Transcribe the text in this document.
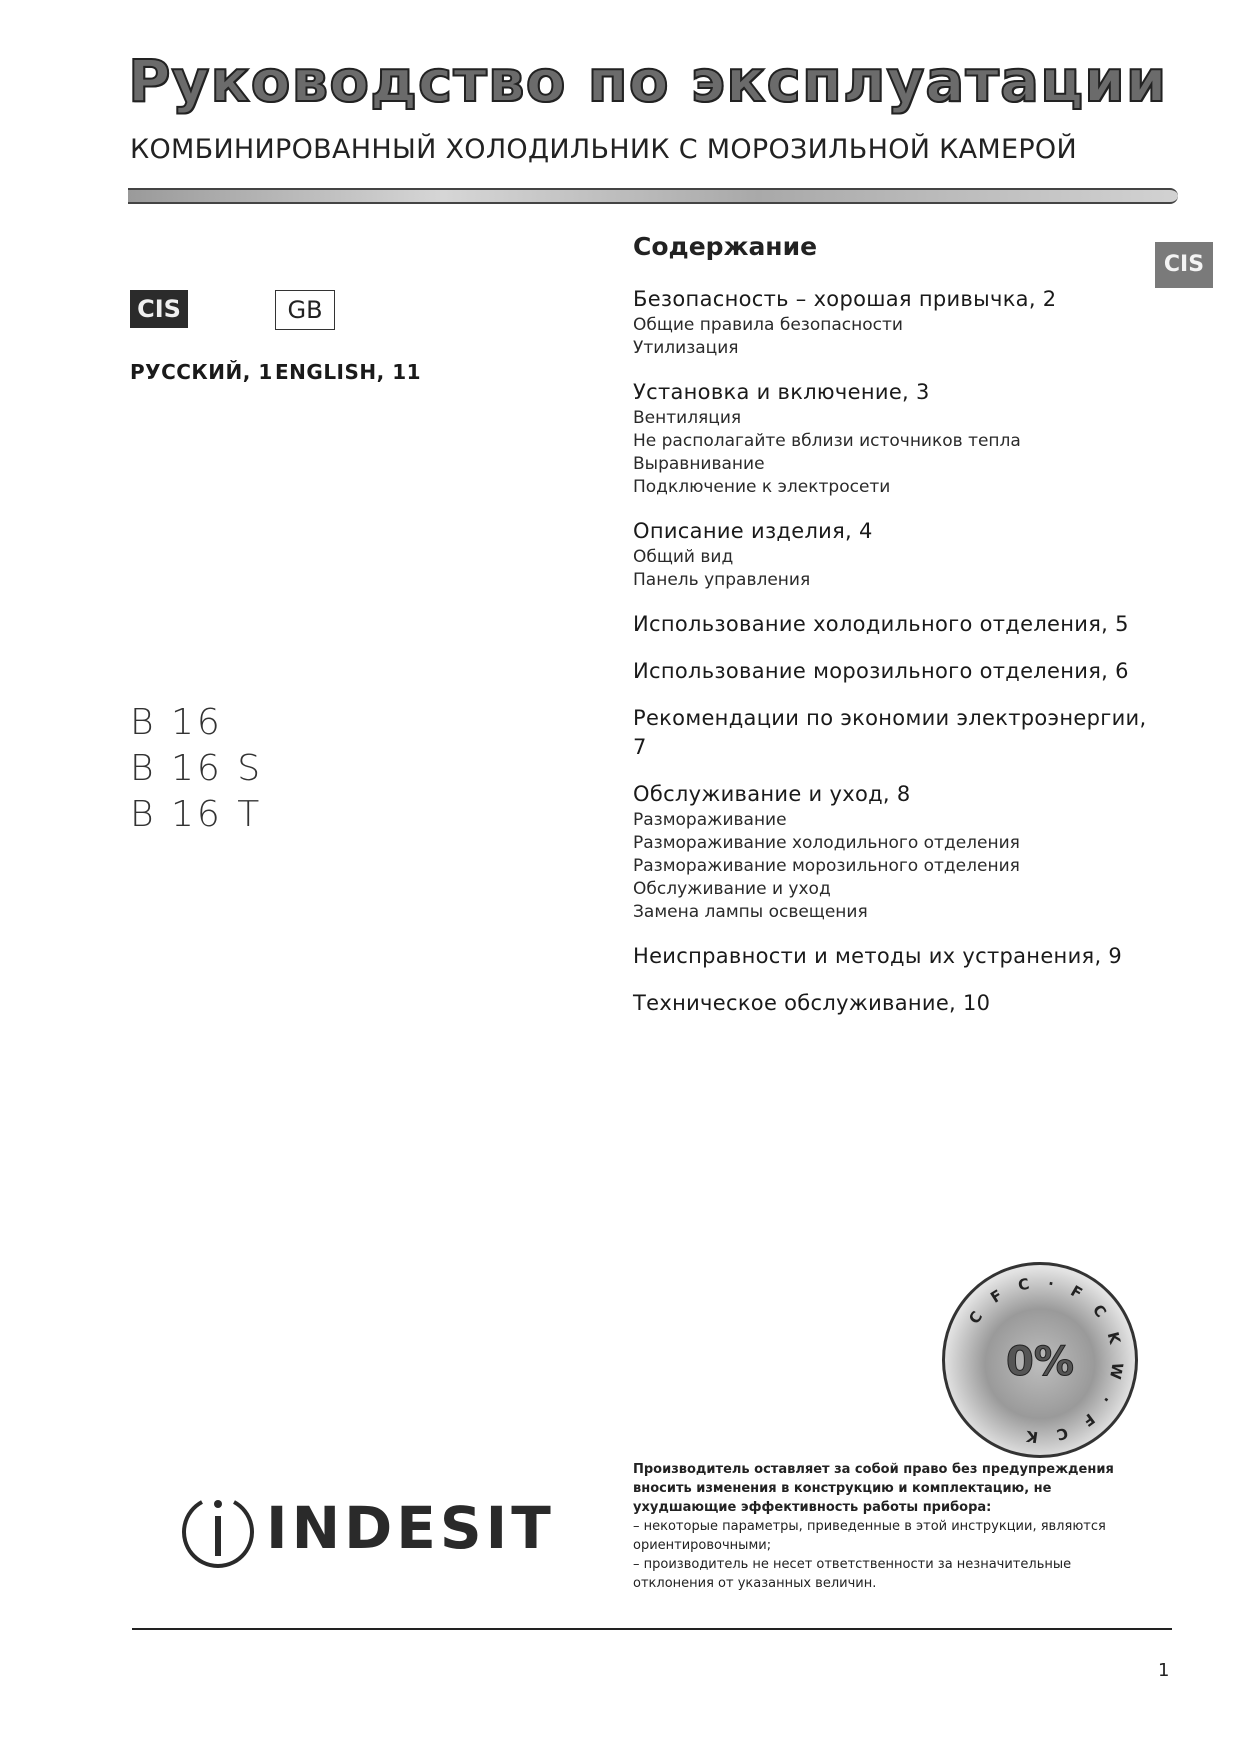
Руководство по эксплуатации
КОМБИНИРОВАННЫЙ ХОЛОДИЛЬНИК С МОРОЗИЛЬНОЙ КАМЕРОЙ
CIS	GB
РУССКИЙ, 1 ENGLISH, 11
B 16
B 16 S
B 16 T
Содержание
CIS
Безопасность – хорошая привычка, 2
Общие правила безопасности
Утилизация
Установка и включение, 3
Вентиляция
Не располагайте вблизи источников тепла
Выравнивание
Подключение к электросети
Описание изделия, 4
Общий вид
Панель управления
Использование холодильного отделения, 5
Использование морозильного отделения, 6
Рекомендации по экономии электроэнергии, 7
Обслуживание и уход, 8
Размораживание
Размораживание холодильного отделения
Размораживание морозильного отделения
Обслуживание и уход
Замена лампы освещения
Неисправности и методы их устранения, 9
Техническое обслуживание, 10
C F C · F C K W · F C K
0%
INDESIT

Производитель оставляет за собой право без предупреждения вносить изменения в конструкцию и комплектацию, не ухудшающие эффективность работы прибора:

– некоторые параметры, приведенные в этой инструкции, являются ориентировочными;

– производитель не несет ответственности за незначительные отклонения от указанных величин.

1
